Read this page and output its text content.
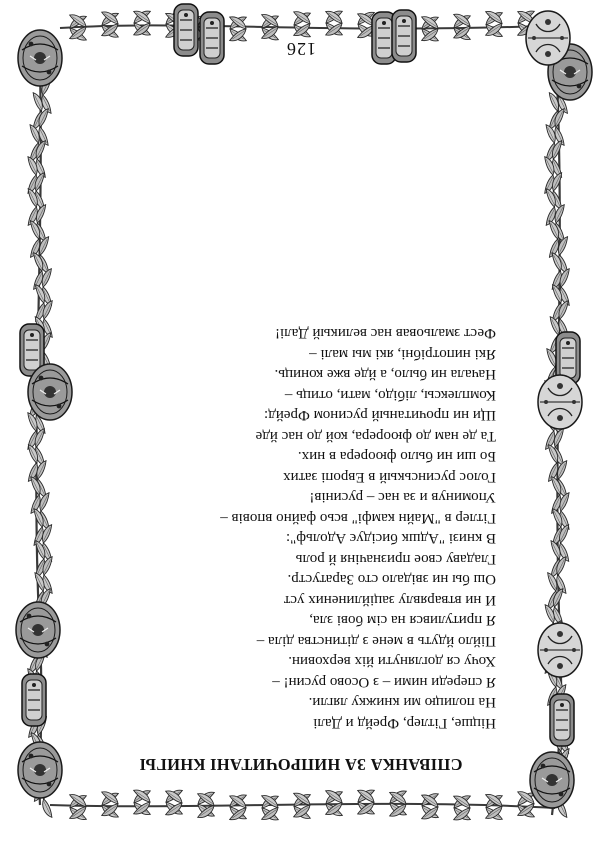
СПІВАНКА ЗА НИПРОЧИТАНІ КНИГЫ
Ніцше, Гітлер, Фрейд и Далі
На полицю ми книжку лягли.
Я спереди ними – з Осово русин! –
Хочу ся доглянути йіх верховин.
Пійло йдуть в мене з дітинства діла –
Я притулився на сім бові зла,
И ни втварявлу заційлинених уст
Ош бы ни звідало сто Заратустр.
Гладаву свое призначіня й роль
В книзі "Адшк бисідує Адольф":
Гітлер в "Майн камфі" всьо файно вповів –
Упоминув и за нас – русинів!
Голос русинськый в Европі затих
Бо ши ни было фюорера в них.
Та де нам до фюорера, кой до нас йде
Щи ни прочитаный русином Фрейд:
Комплексы, лібідо, мати, отиць –
Начала ни было, а йде вже кониць.
Які нипотрібні, які мы малі –
Фест змальовав нас великый Далі!
126
